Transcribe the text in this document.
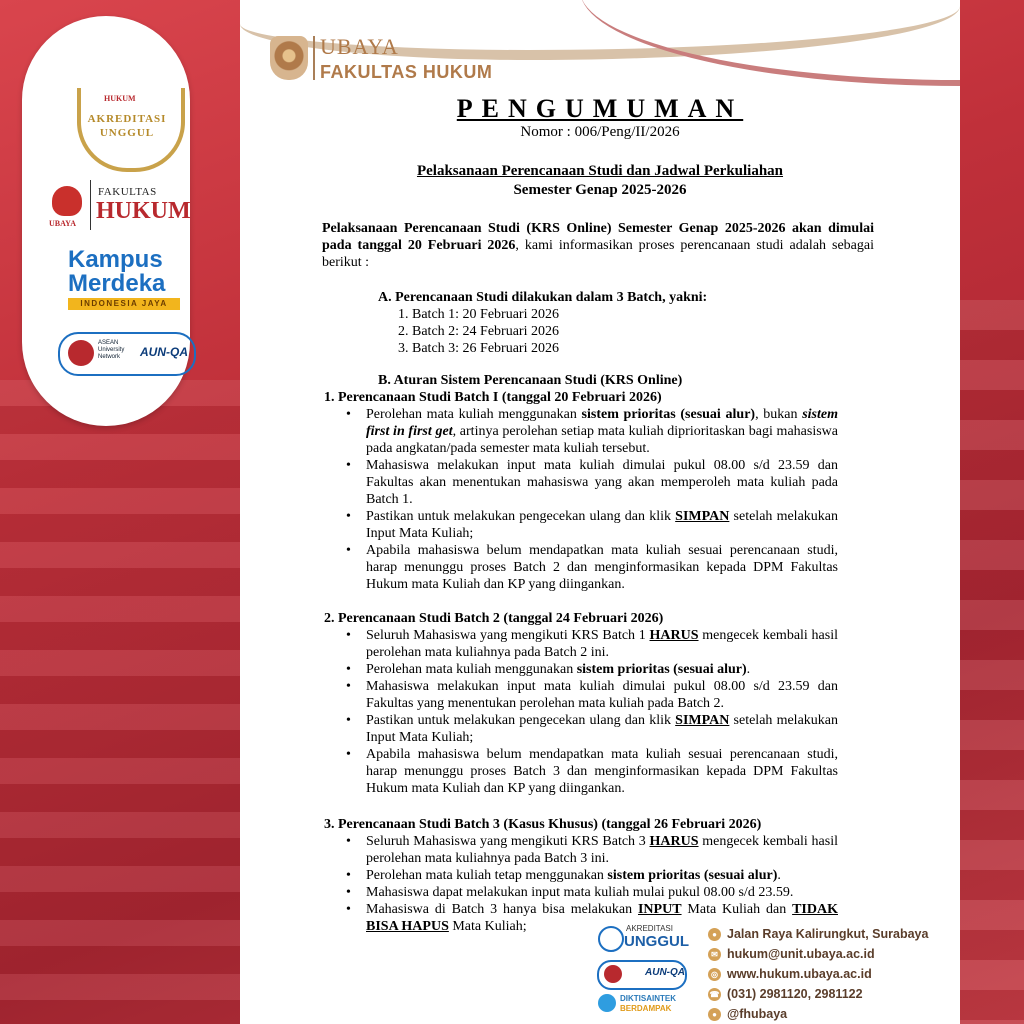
HUKUM
AKREDITASI
UNGGUL
UBAYA
FAKULTAS
HUKUM
Kampus
Merdeka
INDONESIA JAYA
ASEAN University Network	AUN-QA
UBAYA
FAKULTAS HUKUM
PENGUMUMAN
Nomor : 006/Peng/II/2026
Pelaksanaan Perencanaan Studi dan Jadwal Perkuliahan
Semester Genap 2025-2026
Pelaksanaan Perencanaan Studi (KRS Online) Semester Genap 2025-2026 akan dimulai pada tanggal 20 Februari 2026, kami informasikan proses perencanaan studi adalah sebagai berikut :
A. Perencanaan Studi dilakukan dalam 3 Batch, yakni:
1. Batch 1: 20 Februari 2026
2. Batch 2: 24 Februari 2026
3. Batch 3: 26 Februari 2026
B. Aturan Sistem Perencanaan Studi (KRS Online)
1. Perencanaan Studi Batch I (tanggal 20 Februari 2026)
• Perolehan mata kuliah menggunakan sistem prioritas (sesuai alur), bukan sistem first in first get, artinya perolehan setiap mata kuliah diprioritaskan bagi mahasiswa pada angkatan/pada semester mata kuliah tersebut.
• Mahasiswa melakukan input mata kuliah dimulai pukul 08.00 s/d 23.59 dan Fakultas akan menentukan mahasiswa yang akan memperoleh mata kuliah pada Batch 1.
• Pastikan untuk melakukan pengecekan ulang dan klik SIMPAN setelah melakukan Input Mata Kuliah;
• Apabila mahasiswa belum mendapatkan mata kuliah sesuai perencanaan studi, harap menunggu proses Batch 2 dan menginformasikan kepada DPM Fakultas Hukum mata Kuliah dan KP yang diingankan.
2. Perencanaan Studi Batch 2 (tanggal 24 Februari 2026)
• Seluruh Mahasiswa yang mengikuti KRS Batch 1 HARUS mengecek kembali hasil perolehan mata kuliahnya pada Batch 2 ini.
• Perolehan mata kuliah menggunakan sistem prioritas (sesuai alur).
• Mahasiswa melakukan input mata kuliah dimulai pukul 08.00 s/d 23.59 dan Fakultas yang menentukan perolehan mata kuliah pada Batch 2.
• Pastikan untuk melakukan pengecekan ulang dan klik SIMPAN setelah melakukan Input Mata Kuliah;
• Apabila mahasiswa belum mendapatkan mata kuliah sesuai perencanaan studi, harap menunggu proses Batch 3 dan menginformasikan kepada DPM Fakultas Hukum mata Kuliah dan KP yang diingankan.
3. Perencanaan Studi Batch 3 (Kasus Khusus) (tanggal 26 Februari 2026)
• Seluruh Mahasiswa yang mengikuti KRS Batch 3 HARUS mengecek kembali hasil perolehan mata kuliahnya pada Batch 3 ini.
• Perolehan mata kuliah tetap menggunakan sistem prioritas (sesuai alur).
• Mahasiswa dapat melakukan input mata kuliah mulai pukul 08.00 s/d 23.59.
• Mahasiswa di Batch 3 hanya bisa melakukan INPUT Mata Kuliah dan TIDAK BISA HAPUS Mata Kuliah;	AKREDITASI
UNGGUL
AUN-QA
DIKTISAINTEK
BERDAMPAK
● Jalan Raya Kalirungkut, Surabaya
✉ hukum@unit.ubaya.ac.id
◎ www.hukum.ubaya.ac.id
☎ (031) 2981120, 2981122
● @fhubaya
